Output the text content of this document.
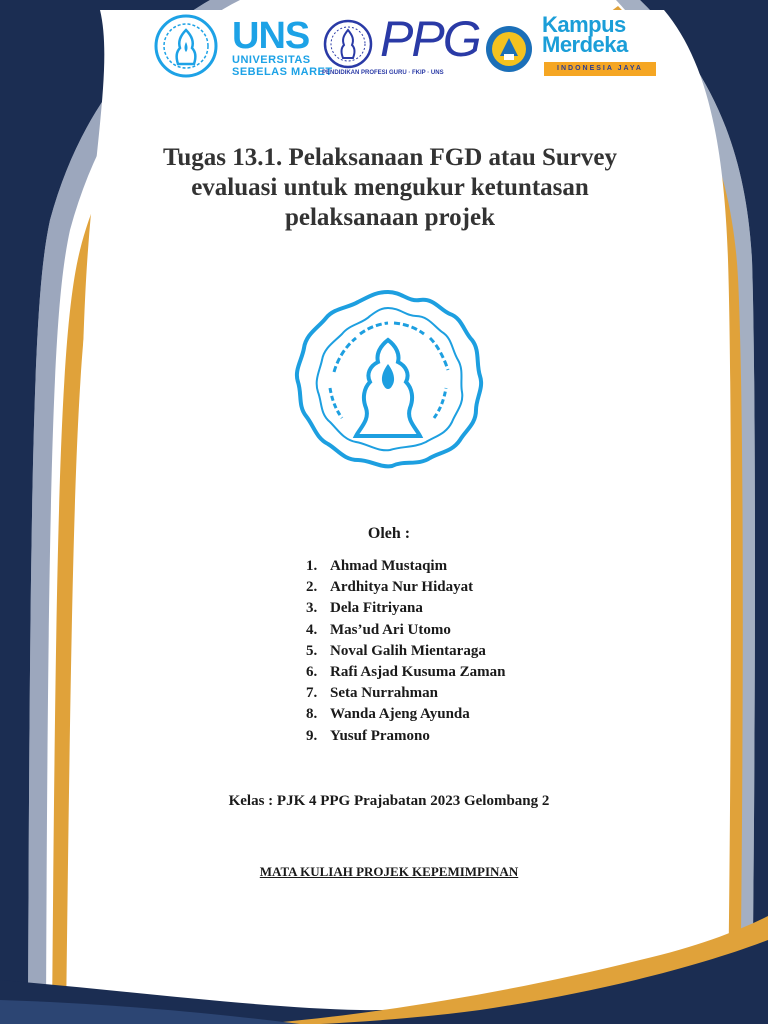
UNS
UNIVERSITAS
SEBELAS MARET
PPG
PENDIDIKAN PROFESI GURU · FKIP · UNS
Kampus
Merdeka
INDONESIA JAYA
Tugas 13.1. Pelaksanaan FGD atau Survey
evaluasi untuk mengukur ketuntasan
pelaksanaan projek
Oleh :
1. Ahmad Mustaqim
2. Ardhitya Nur Hidayat
3. Dela Fitriyana
4. Mas’ud Ari Utomo
5. Noval Galih Mientaraga
6. Rafi Asjad Kusuma Zaman
7. Seta Nurrahman
8. Wanda Ajeng Ayunda
9. Yusuf Pramono
Kelas : PJK 4 PPG Prajabatan 2023 Gelombang 2
MATA KULIAH PROJEK KEPEMIMPINAN
